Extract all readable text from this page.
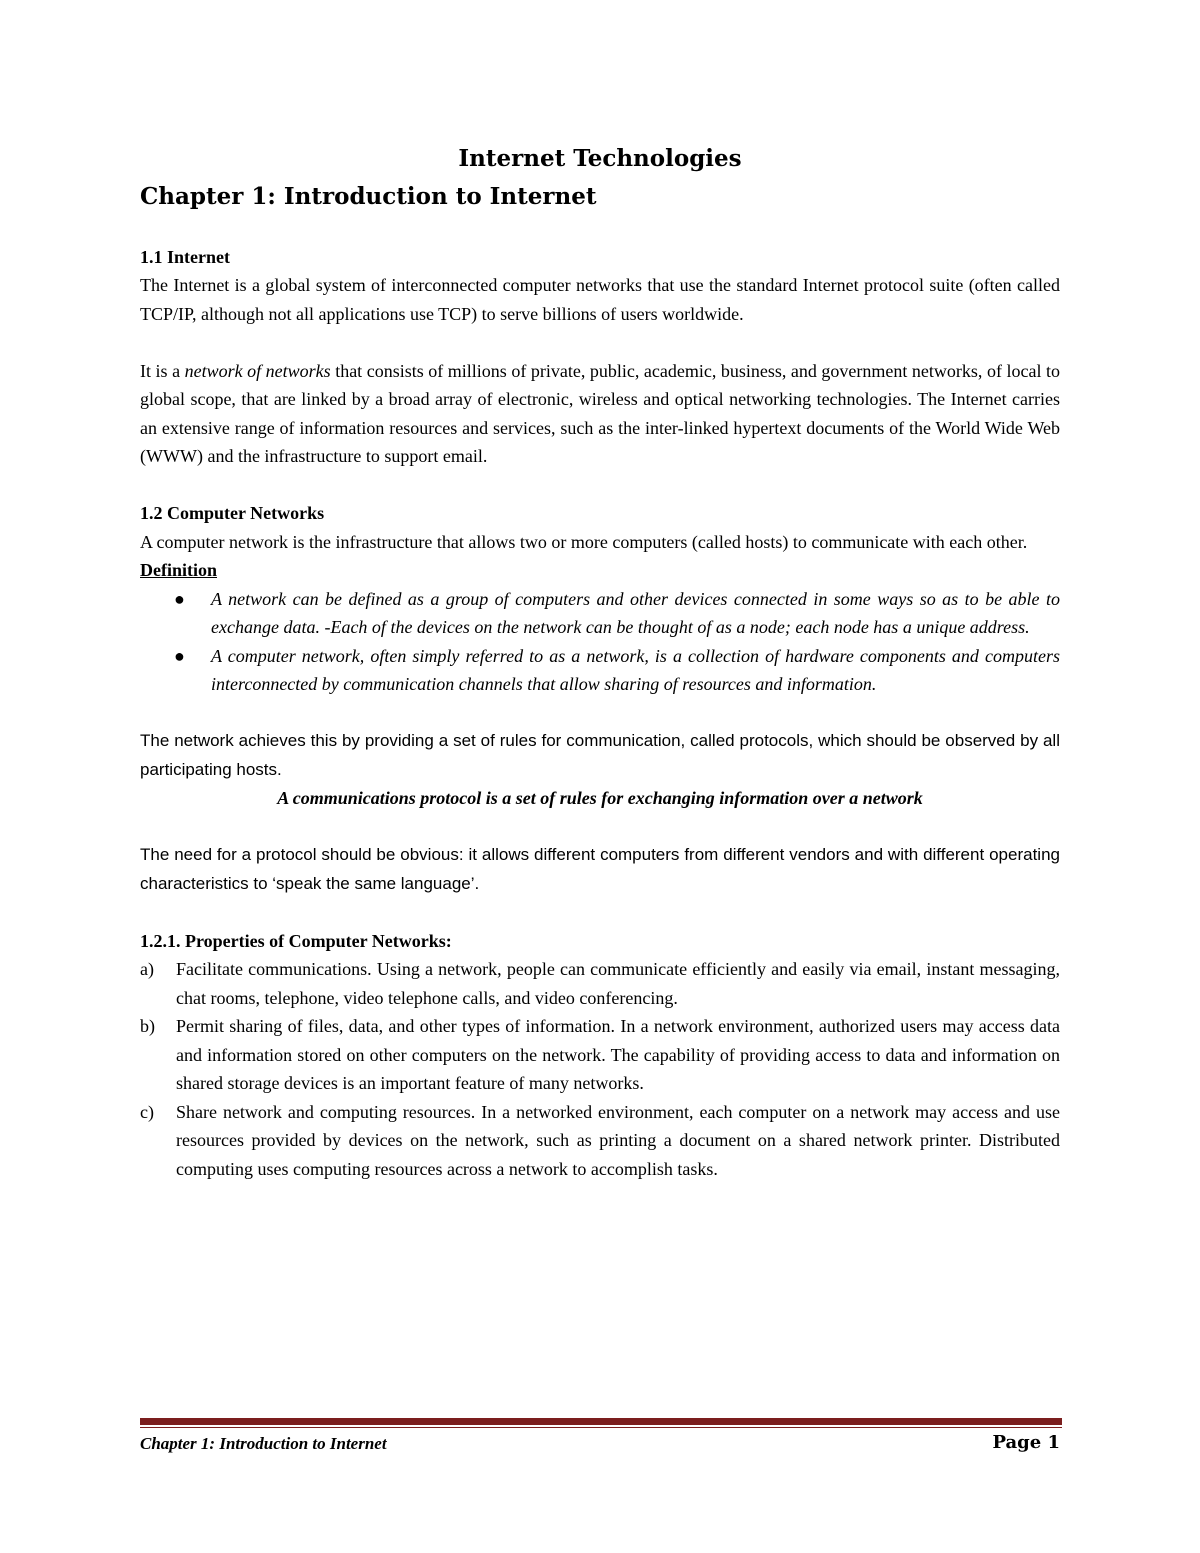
Internet Technologies
Chapter 1: Introduction to Internet

1.1 Internet

The Internet is a global system of interconnected computer networks that use the standard Internet protocol suite (often called TCP/IP, although not all applications use TCP) to serve billions of users worldwide.

It is a network of networks that consists of millions of private, public, academic, business, and government networks, of local to global scope, that are linked by a broad array of electronic, wireless and optical networking technologies. The Internet carries an extensive range of information resources and services, such as the inter-linked hypertext documents of the World Wide Web (WWW) and the infrastructure to support email.

1.2 Computer Networks

A computer network is the infrastructure that allows two or more computers (called hosts) to communicate with each other.

Definition

● A network can be defined as a group of computers and other devices connected in some ways so as to be able to exchange data. -Each of the devices on the network can be thought of as a node; each node has a unique address.
● A computer network, often simply referred to as a network, is a collection of hardware components and computers interconnected by communication channels that allow sharing of resources and information.

The network achieves this by providing a set of rules for communication, called protocols, which should be observed by all participating hosts.

A communications protocol is a set of rules for exchanging information over a network

The need for a protocol should be obvious: it allows different computers from different vendors and with different operating characteristics to ‘speak the same language’.

1.2.1. Properties of Computer Networks:

a) Facilitate communications. Using a network, people can communicate efficiently and easily via email, instant messaging, chat rooms, telephone, video telephone calls, and video conferencing.
b) Permit sharing of files, data, and other types of information. In a network environment, authorized users may access data and information stored on other computers on the network. The capability of providing access to data and information on shared storage devices is an important feature of many networks.
c) Share network and computing resources. In a networked environment, each computer on a network may access and use resources provided by devices on the network, such as printing a document on a shared network printer. Distributed computing uses computing resources across a network to accomplish tasks.
Chapter 1: Introduction to Internet	Page 1
